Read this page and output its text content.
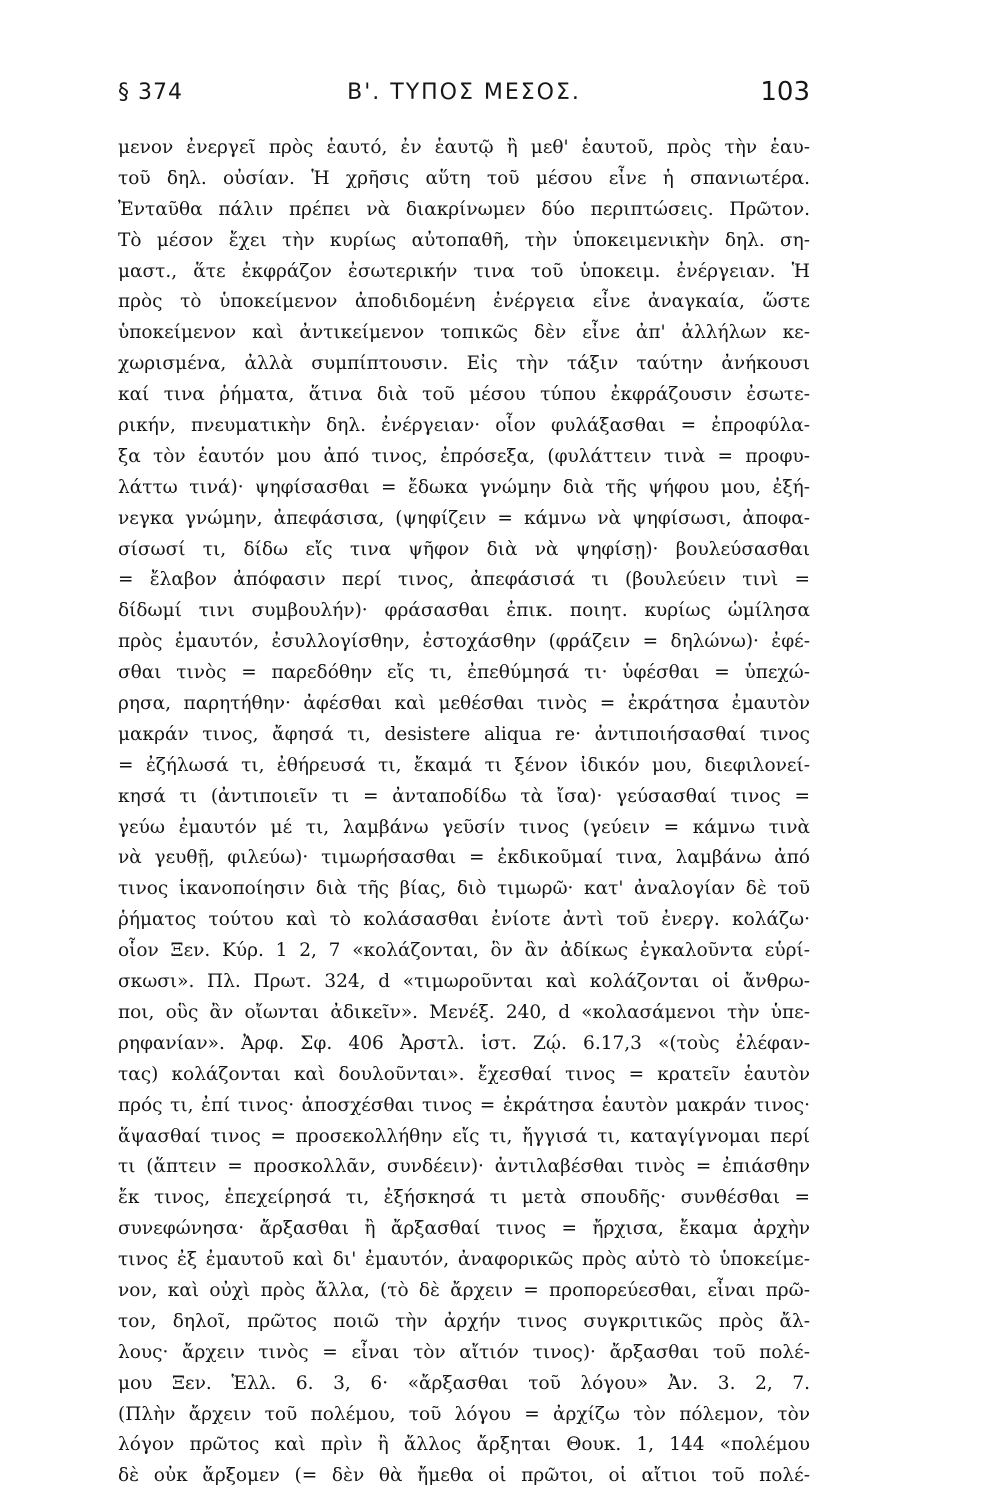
§ 374	Β'. ΤΥΠΟΣ ΜΕΣΟΣ.	103
μενον ἐνεργεῖ πρὸς ἑαυτό, ἐν ἑαυτῷ ἢ μεθ' ἑαυτοῦ, πρὸς τὴν ἑαυ-
τοῦ δηλ. οὐσίαν. Ἡ χρῆσις αὕτη τοῦ μέσου εἶνε ἡ σπανιωτέρα.
Ἐνταῦθα πάλιν πρέπει νὰ διακρίνωμεν δύο περιπτώσεις. Πρῶτον.
Τὸ μέσον ἔχει τὴν κυρίως αὐτοπαθῆ, τὴν ὑποκειμενικὴν δηλ. ση-
μαστ., ἅτε ἐκφράζον ἐσωτερικήν τινα τοῦ ὑποκειμ. ἐνέργειαν. Ἡ
πρὸς τὸ ὑποκείμενον ἀποδιδομένη ἐνέργεια εἶνε ἀναγκαία, ὥστε
ὑποκείμενον καὶ ἀντικείμενον τοπικῶς δὲν εἶνε ἀπ' ἀλλήλων κε-
χωρισμένα, ἀλλὰ συμπίπτουσιν. Εἰς τὴν τάξιν ταύτην ἀνήκουσι
καί τινα ῥήματα, ἅτινα διὰ τοῦ μέσου τύπου ἐκφράζουσιν ἐσωτε-
ρικήν, πνευματικὴν δηλ. ἐνέργειαν· οἷον φυλάξασθαι = ἐπροφύλα-
ξα τὸν ἑαυτόν μου ἀπό τινος, ἐπρόσεξα, (φυλάττειν τινὰ = προφυ-
λάττω τινά)· ψηφίσασθαι = ἔδωκα γνώμην διὰ τῆς ψήφου μου, ἐξή-
νεγκα γνώμην, ἀπεφάσισα, (ψηφίζειν = κάμνω νὰ ψηφίσωσι, ἀποφα-
σίσωσί τι, δίδω εἴς τινα ψῆφον διὰ νὰ ψηφίσῃ)· βουλεύσασθαι
= ἔλαβον ἀπόφασιν περί τινος, ἀπεφάσισά τι (βουλεύειν τινὶ =
δίδωμί τινι συμβουλήν)· φράσασθαι ἐπικ. ποιητ. κυρίως ὡμίλησα
πρὸς ἐμαυτόν, ἐσυλλογίσθην, ἐστοχάσθην (φράζειν = δηλώνω)· ἐφέ-
σθαι τινὸς = παρεδόθην εἴς τι, ἐπεθύμησά τι· ὑφέσθαι = ὑπεχώ-
ρησα, παρητήθην· ἀφέσθαι καὶ μεθέσθαι τινὸς = ἐκράτησα ἐμαυτὸν
μακράν τινος, ἄφησά τι, desistere aliqua re· ἀντιποιήσασθαί τινος
= ἐζήλωσά τι, ἐθήρευσά τι, ἔκαμά τι ξένον ἰδικόν μου, διεφιλονεί-
κησά τι (ἀντιποιεῖν τι = ἀνταποδίδω τὰ ἴσα)· γεύσασθαί τινος =
γεύω ἐμαυτόν μέ τι, λαμβάνω γεῦσίν τινος (γεύειν = κάμνω τινὰ
νὰ γευθῇ, φιλεύω)· τιμωρήσασθαι = ἐκδικοῦμαί τινα, λαμβάνω ἀπό
τινος ἱκανοποίησιν διὰ τῆς βίας, διὸ τιμωρῶ· κατ' ἀναλογίαν δὲ τοῦ
ῥήματος τούτου καὶ τὸ κολάσασθαι ἐνίοτε ἀντὶ τοῦ ἐνεργ. κολάζω·
οἷον Ξεν. Κύρ. 1 2, 7 «κολάζονται, ὃν ἂν ἀδίκως ἐγκαλοῦντα εὑρί-
σκωσι». Πλ. Πρωτ. 324, d «τιμωροῦνται καὶ κολάζονται οἱ ἄνθρω-
ποι, οὓς ἂν οἴωνται ἀδικεῖν». Μενέξ. 240, d «κολασάμενοι τὴν ὑπε-
ρηφανίαν». Ἀρφ. Σφ. 406 Ἀρστλ. ἱστ. Ζῴ. 6.17,3 «(τοὺς ἐλέφαν-
τας) κολάζονται καὶ δουλοῦνται». ἔχεσθαί τινος = κρατεῖν ἑαυτὸν
πρός τι, ἐπί τινος· ἀποσχέσθαι τινος = ἐκράτησα ἑαυτὸν μακράν τινος·
ἅψασθαί τινος = προσεκολλήθην εἴς τι, ἤγγισά τι, καταγίγνομαι περί
τι (ἅπτειν = προσκολλᾶν, συνδέειν)· ἀντιλαβέσθαι τινὸς = ἐπιάσθην
ἔκ τινος, ἐπεχείρησά τι, ἐξήσκησά τι μετὰ σπουδῆς· συνθέσθαι =
συνεφώνησα· ἄρξασθαι ἢ ἄρξασθαί τινος = ἤρχισα, ἔκαμα ἀρχὴν
τινος ἐξ ἐμαυτοῦ καὶ δι' ἐμαυτόν, ἀναφορικῶς πρὸς αὐτὸ τὸ ὑποκείμε-
νον, καὶ οὐχὶ πρὸς ἄλλα, (τὸ δὲ ἄρχειν = προπορεύεσθαι, εἶναι πρῶ-
τον, δηλοῖ, πρῶτος ποιῶ τὴν ἀρχήν τινος συγκριτικῶς πρὸς ἄλ-
λους· ἄρχειν τινὸς = εἶναι τὸν αἴτιόν τινος)· ἄρξασθαι τοῦ πολέ-
μου Ξεν. Ἑλλ. 6. 3, 6· «ἄρξασθαι τοῦ λόγου» Ἀν. 3. 2, 7.
(Πλὴν ἄρχειν τοῦ πολέμου, τοῦ λόγου = ἀρχίζω τὸν πόλεμον, τὸν
λόγον πρῶτος καὶ πρὶν ἢ ἄλλος ἄρξηται Θουκ. 1, 144 «πολέμου
δὲ οὐκ ἄρξομεν (= δὲν θὰ ἤμεθα οἱ πρῶτοι, οἱ αἴτιοι τοῦ πολέ-
